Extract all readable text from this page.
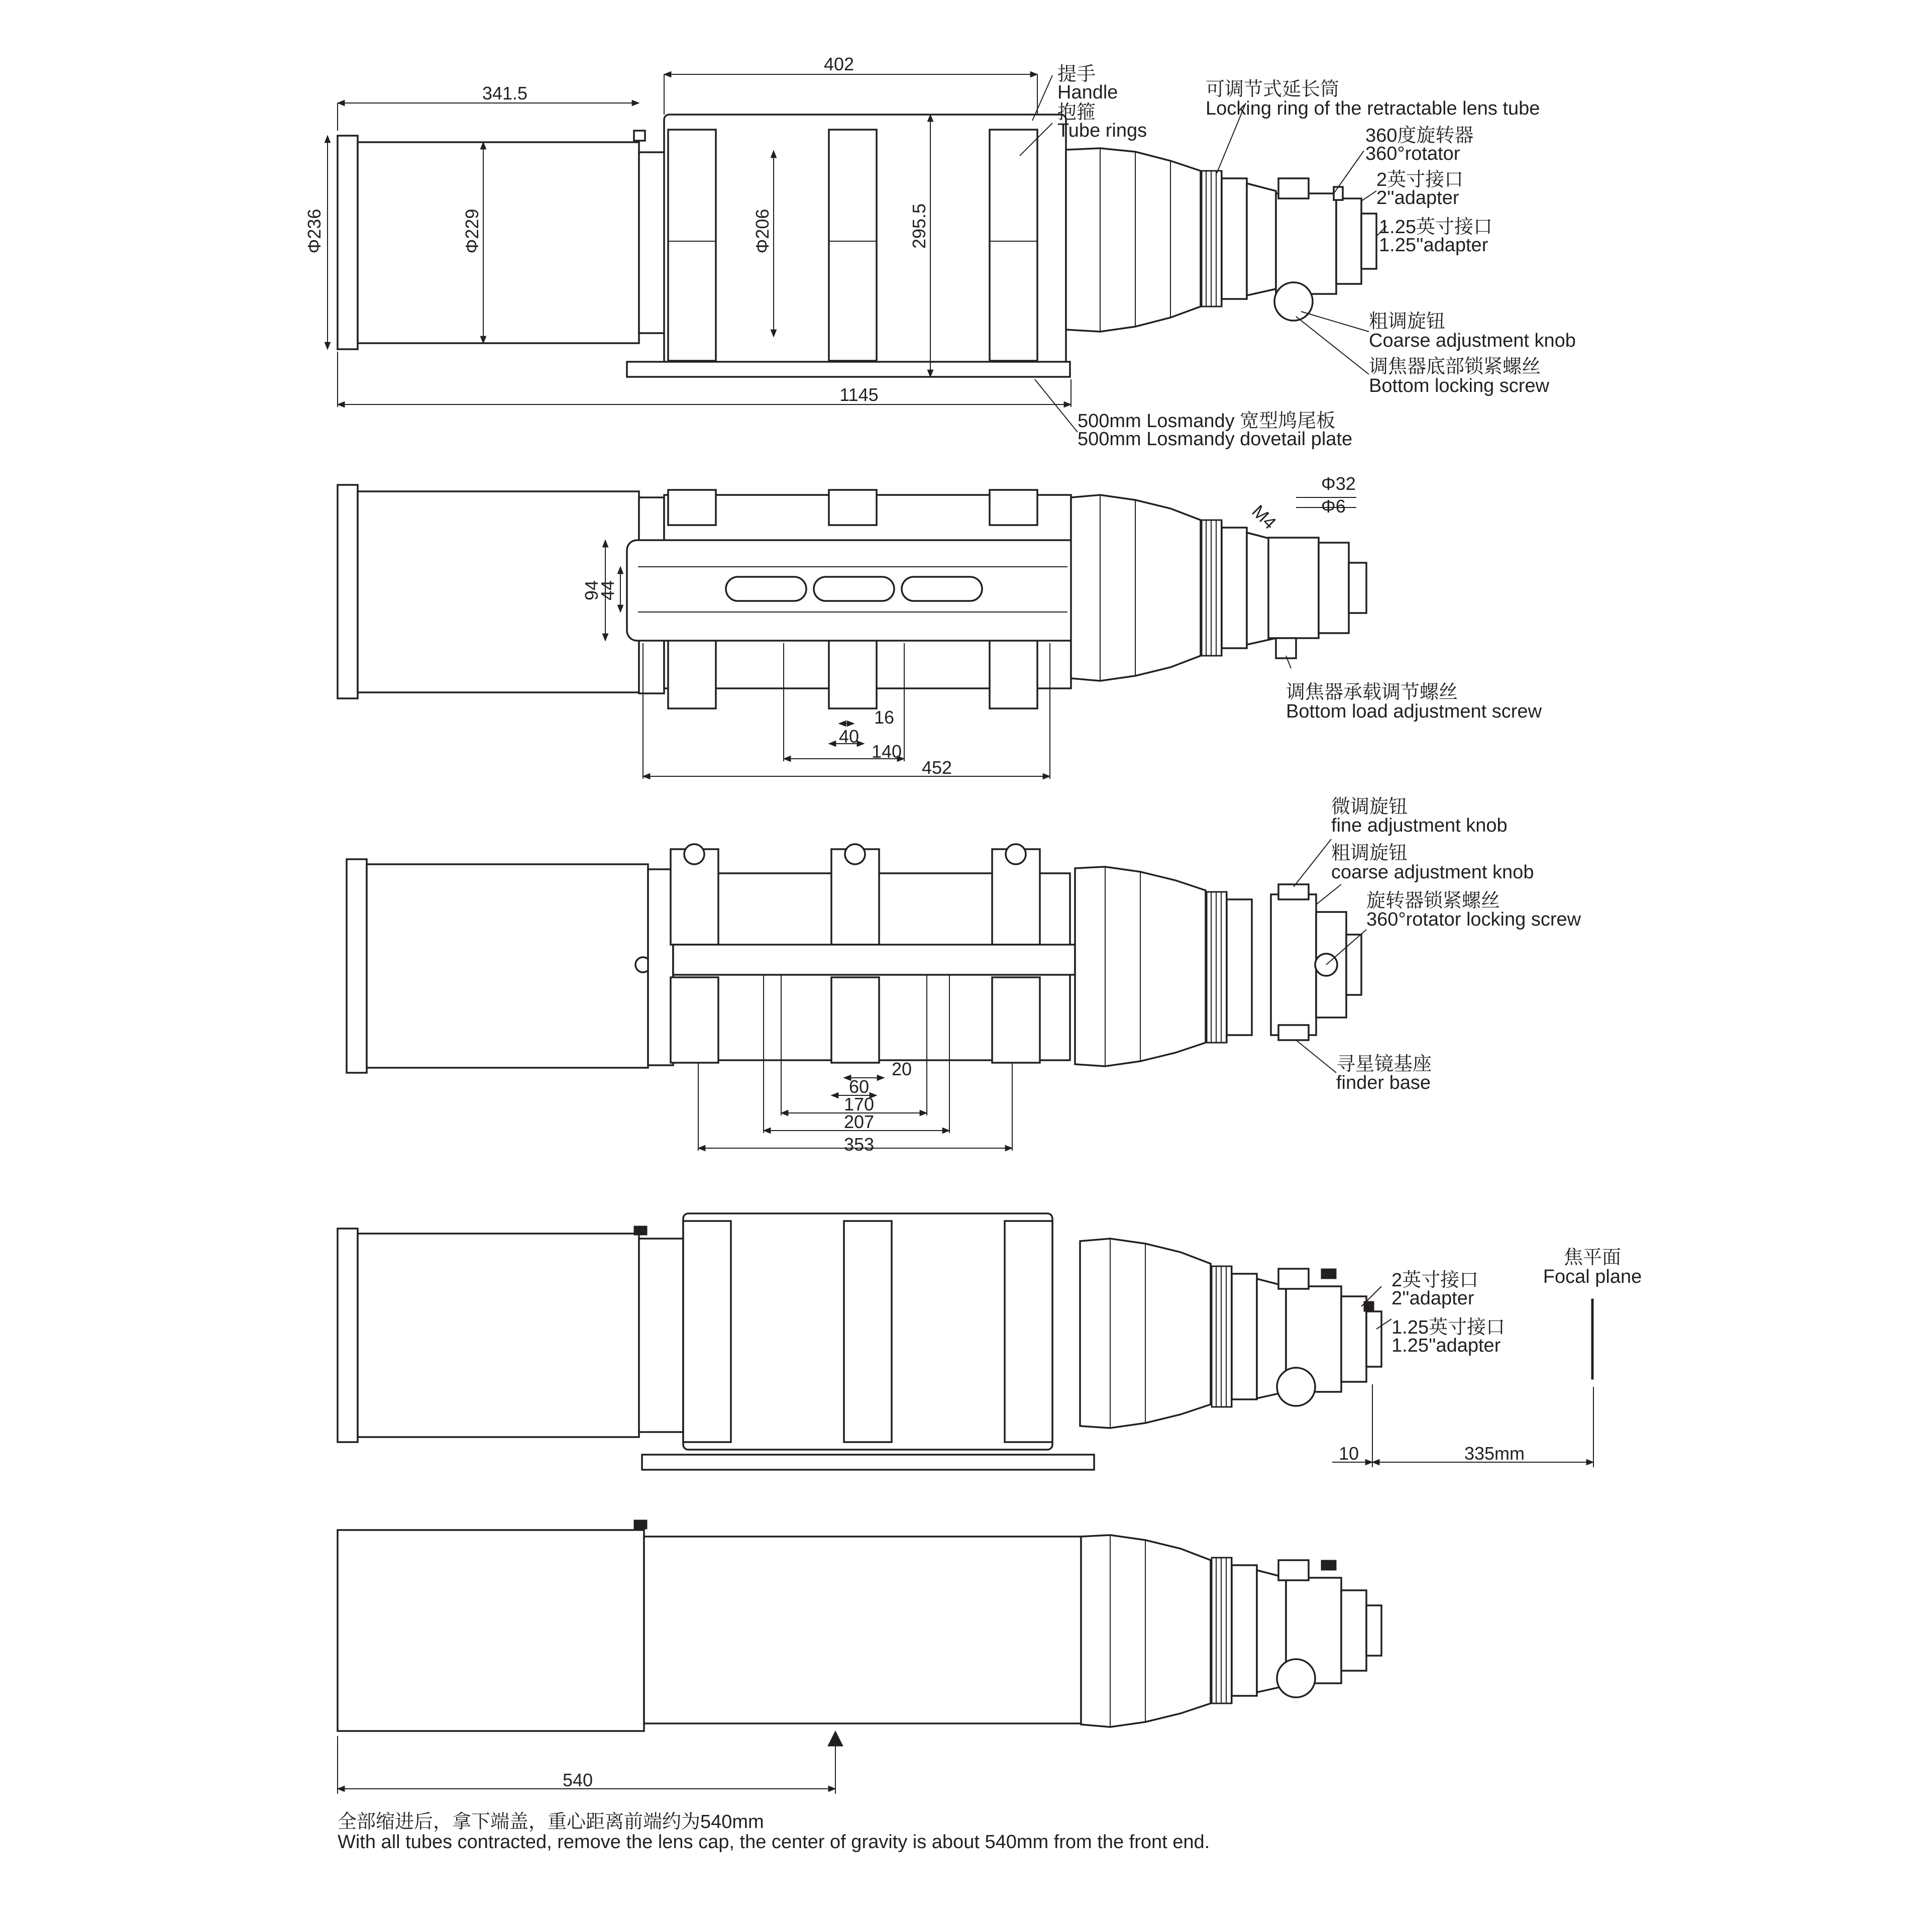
402
341.5
1145
Φ236	Φ229	Φ206	295.5
提手
Handle
抱箍
Tube rings
可调节式延长筒
Locking ring of the retractable lens tube
360度旋转器
360°rotator
2英寸接口
2''adapter
1.25英寸接口
1.25''adapter
粗调旋钮
Coarse adjustment knob
调焦器底部锁紧螺丝
Bottom locking screw
500mm Losmandy 宽型鸠尾板
500mm Losmandy dovetail plate
94
44
16
40
140
452
Φ32
Φ6
M4
调焦器承载调节螺丝
Bottom load adjustment screw
20
60
170
207
353
微调旋钮
fine adjustment knob
粗调旋钮
coarse adjustment knob
旋转器锁紧螺丝
360°rotator locking screw
寻星镜基座
finder base
10	335mm
2英寸接口
2''adapter
1.25英寸接口
1.25''adapter
焦平面
Focal plane
540
全部缩进后，拿下端盖，重心距离前端约为540mm
With all tubes contracted, remove the lens cap, the center of gravity is about 540mm from the front end.
